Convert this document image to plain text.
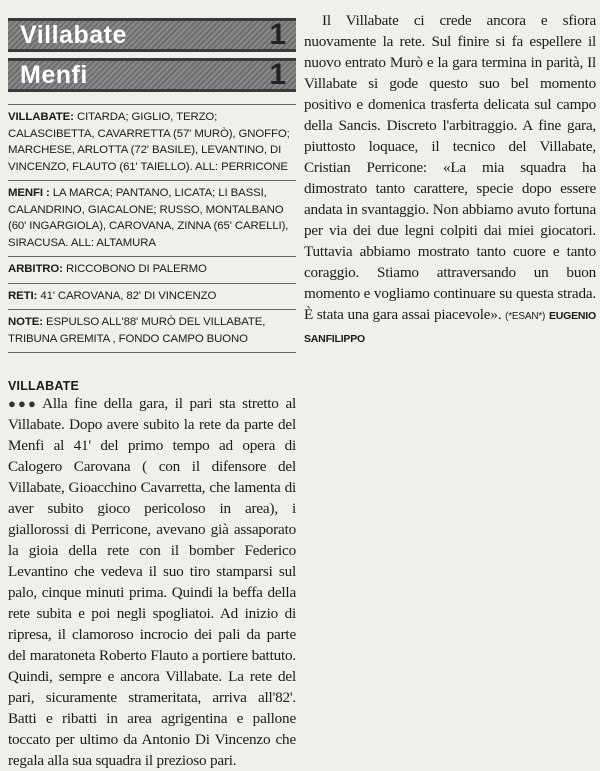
Villabate	1
Menfi	1
VILLABATE: CITARDA; GIGLIO, TERZO; CALASCIBETTA, CAVARRETTA (57' MURÒ), GNOFFO; MARCHESE, ARLOTTA (72' BASILE), LEVANTINO, DI VINCENZO, FLAUTO (61' TAIELLO). ALL: PERRICONE
MENFI : LA MARCA; PANTANO, LICATA; LI BASSI, CALANDRINO, GIACALONE; RUSSO, MONTALBANO (60' INGARGIOLA), CAROVANA, ZINNA (65' CARELLI), SIRACUSA. ALL: ALTAMURA
ARBITRO: RICCOBONO DI PALERMO
RETI: 41' CAROVANA, 82' DI VINCENZO
NOTE: ESPULSO ALL'88' MURÒ DEL VILLABATE, TRIBUNA GREMITA , FONDO CAMPO BUONO
VILLABATE

●●● Alla fine della gara, il pari sta stretto al Villabate. Dopo avere subito la rete da parte del Menfi al 41' del primo tempo ad opera di Calogero Carovana ( con il difensore del Villabate, Gioacchino Cavarretta, che lamenta di aver subito gioco pericoloso in area), i giallorossi di Perricone, avevano già assaporato la gioia della rete con il bomber Federico Levantino che vedeva il suo tiro stamparsi sul palo, cinque minuti prima. Quindi la beffa della rete subita e poi negli spogliatoi. Ad inizio di ripresa, il clamoroso incrocio dei pali da parte del maratoneta Roberto Flauto a portiere battuto. Quindi, sempre e ancora Villabate. La rete del pari, sicuramente strameritata, arriva all'82'. Batti e ribatti in area agrigentina e pallone toccato per ultimo da Antonio Di Vincenzo che regala alla sua squadra il prezioso pari.

Il Villabate ci crede ancora e sfiora nuovamente la rete. Sul finire si fa espellere il nuovo entrato Murò e la gara termina in parità, Il Villabate si gode questo suo bel momento positivo e domenica trasferta delicata sul campo della Sancis. Discreto l'arbitraggio. A fine gara, piuttosto loquace, il tecnico del Villabate, Cristian Perricone: «La mia squadra ha dimostrato tanto carattere, specie dopo essere andata in svantaggio. Non abbiamo avuto fortuna per via dei due legni colpiti dai miei giocatori. Tuttavia abbiamo mostrato tanto cuore e tanto coraggio. Stiamo attraversando un buon momento e vogliamo continuare su questa strada. È stata una gara assai piacevole». (*ESAN*) EUGENIO SANFILIPPO
